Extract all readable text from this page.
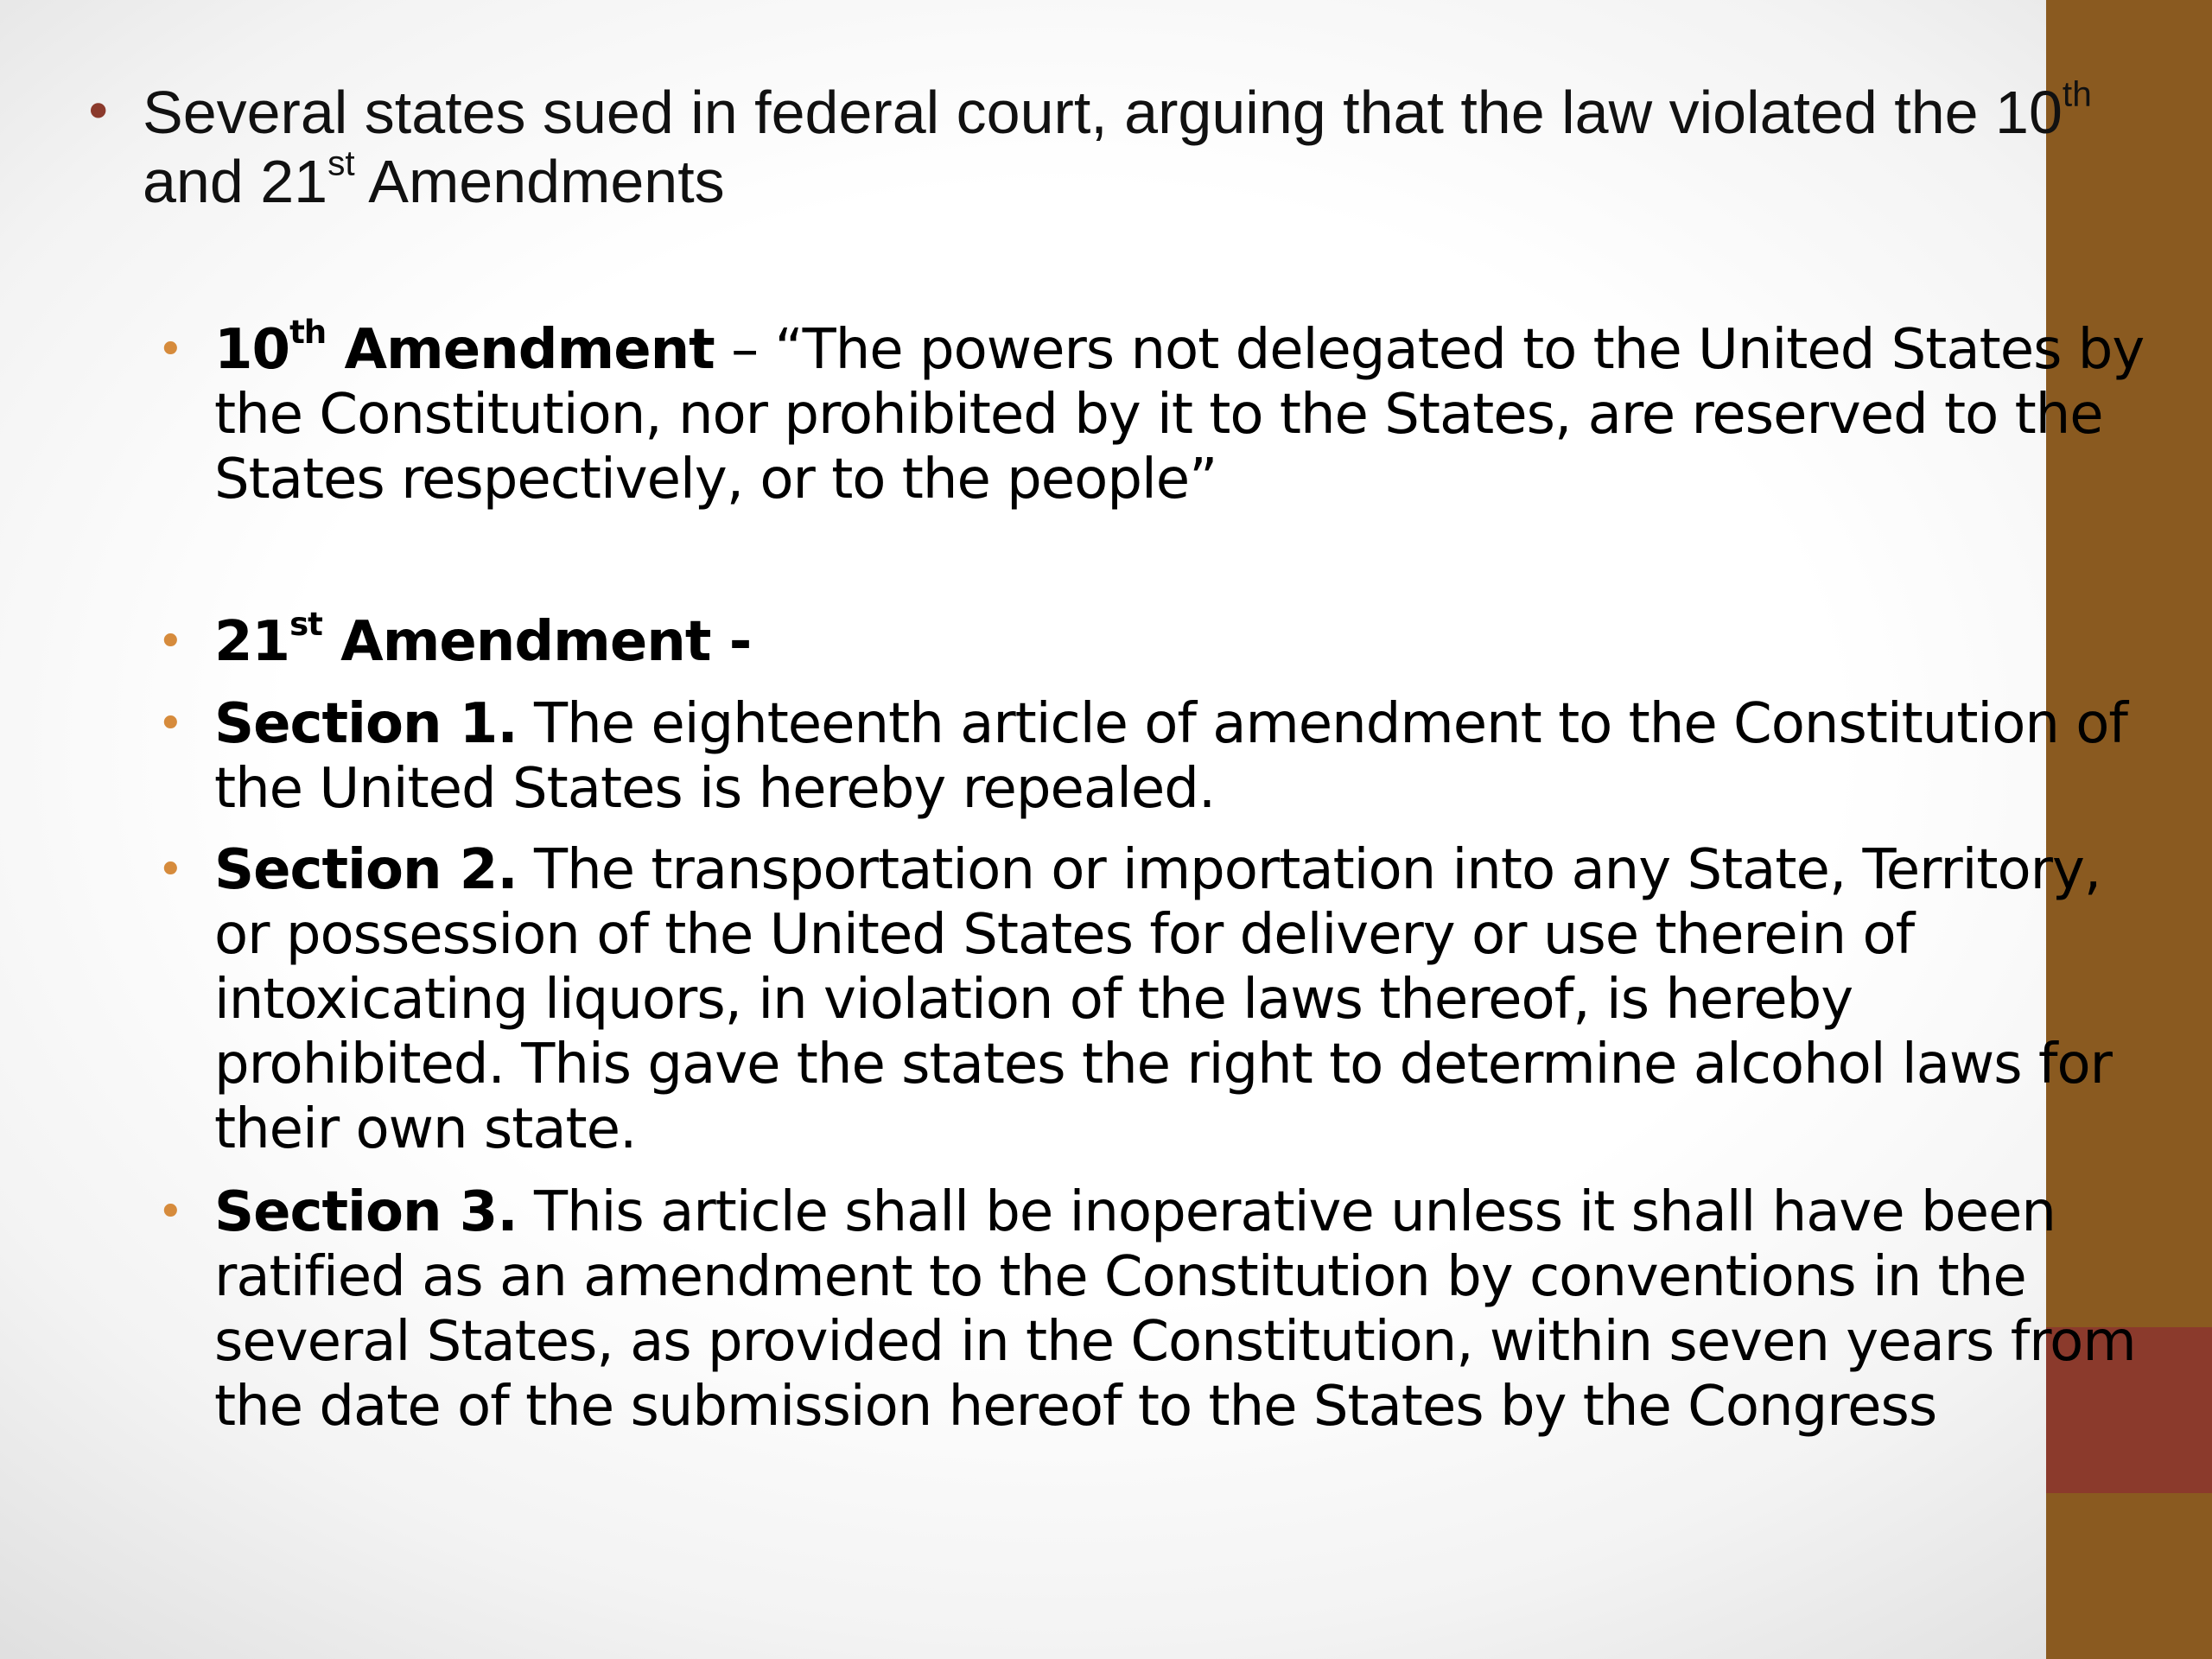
• Several states sued in federal court, arguing that the law violated the 10th and 21st Amendments
• 10th Amendment – “The powers not delegated to the United States by the Constitution, nor prohibited by it to the States, are reserved to the States respectively, or to the people”
• 21st Amendment -
• Section 1. The eighteenth article of amendment to the Constitution of the United States is hereby repealed.
• Section 2. The transportation or importation into any State, Territory, or possession of the United States for delivery or use therein of intoxicating liquors, in violation of the laws thereof, is hereby prohibited. This gave the states the right to determine alcohol laws for their own state.
• Section 3. This article shall be inoperative unless it shall have been ratified as an amendment to the Constitution by conventions in the several States, as provided in the Constitution, within seven years from the date of the submission hereof to the States by the Congress
